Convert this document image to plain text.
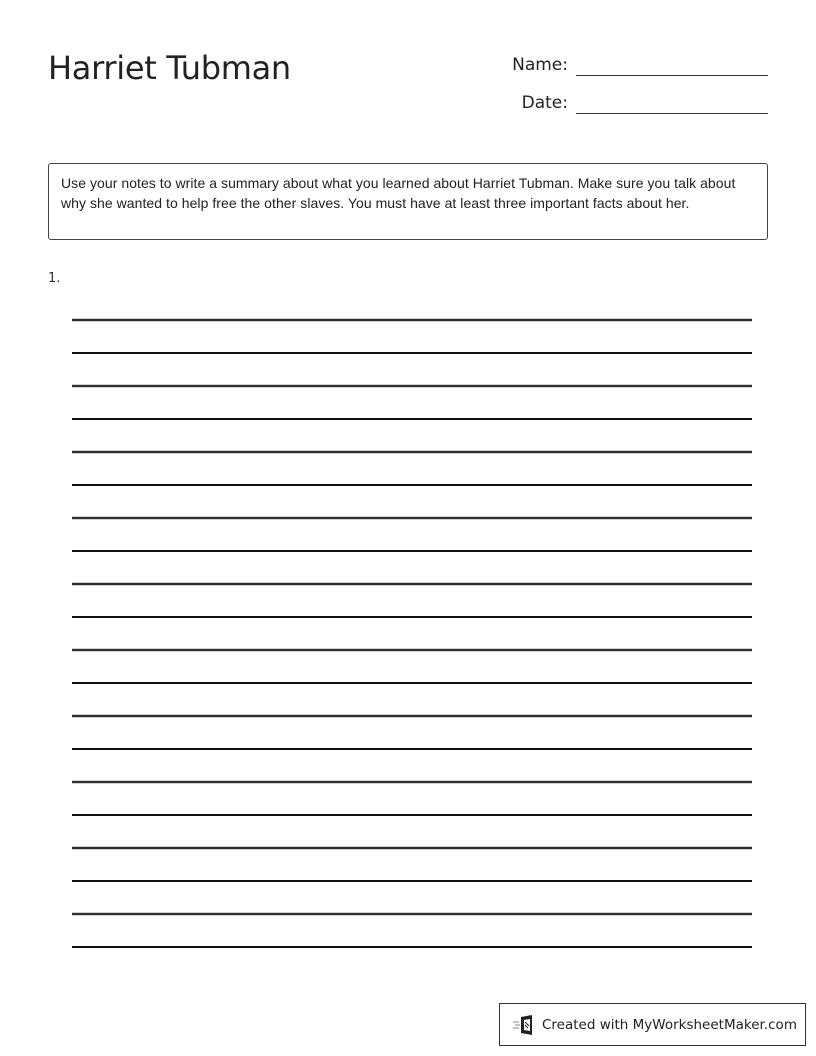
Harriet Tubman	Name:
Date:
Use your notes to write a summary about what you learned about Harriet Tubman. Make sure you talk about why she wanted to help free the other slaves. You must have at least three important facts about her.
1.
Created with MyWorksheetMaker.com
